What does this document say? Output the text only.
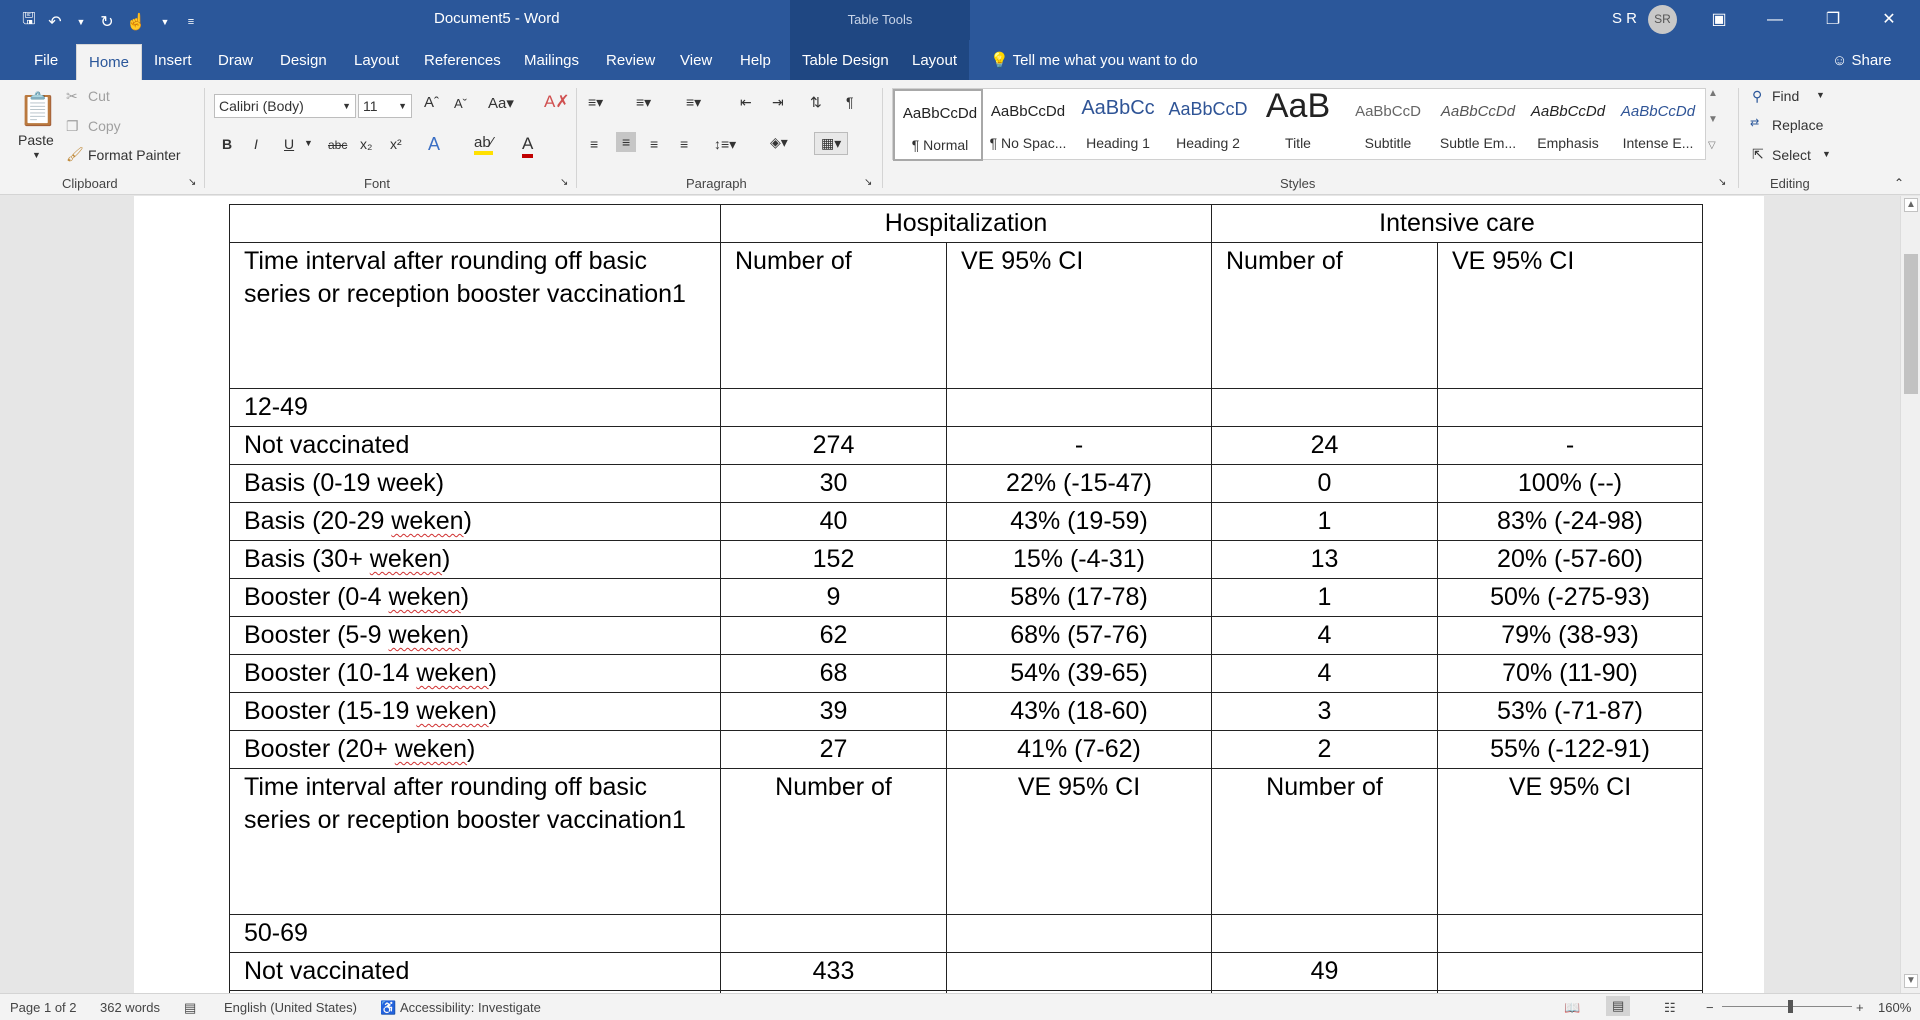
🖫 ↶ ▼ ↻ ☝ ▼	≡	Document5 - Word	Table Tools	S R	SR	▣	—	❐	✕
File	Home	Insert	Draw	Design	Layout	References	Mailings	Review	View	Help	Table Design	Layout	💡 Tell me what you want to do	☺ Share
📋
Paste
▼
✂ Cut
❐ Copy
🖌 Format Painter
Clipboard	↘
Calibri (Body)	▼ 11 ▼ Aˆ Aˇ Aa▾ A✗
B I U ▼ abc x₂ x² A ab⁄ A
Font	↘
≡▾ ≡▾ ≡▾	⇤ ⇥ ⇅ ¶
≡	≡	≡ ≡ ↕≡▾ ◈▾	▦▾
Paragraph	↘
AaBbCcDd
¶ Normal
AaBbCcDd
¶ No Spac...
AaBbCc
Heading 1
AaBbCcD
Heading 2
AaB
Title
AaBbCcD
Subtitle
AaBbCcDd
Subtle Em...
AaBbCcDd
Emphasis
AaBbCcDd
Intense E...
▲
▼
▽
Styles	↘
⚲ Find ▼
⇄ Replace
⇱ Select ▼
Editing	⌃
	Hospitalization		Intensive care	
Time interval after rounding off basic series or reception booster vaccination1	Number of	VE 95% CI	Number of	VE 95% CI
12-49				
Not vaccinated	274	-	24	-
Basis (0-19 week)	30	22% (-15-47)	0	100% (--)
Basis (20-29 weken)	40	43% (19-59)	1	83% (-24-98)
Basis (30+ weken)	152	15% (-4-31)	13	20% (-57-60)
Booster (0-4 weken)	9	58% (17-78)	1	50% (-275-93)
Booster (5-9 weken)	62	68% (57-76)	4	79% (38-93)
Booster (10-14 weken)	68	54% (39-65)	4	70% (11-90)
Booster (15-19 weken)	39	43% (18-60)	3	53% (-71-87)
Booster (20+ weken)	27	41% (7-62)	2	55% (-122-91)
Time interval after rounding off basic series or reception booster vaccination1	Number of	VE 95% CI	Number of	VE 95% CI
50-69				
Not vaccinated	433		49	

▲
▼
Page 1 of 2 362 words ▤ English (United States) ♿ Accessibility: Investigate	📖	▤	☷ −	+ 160%
